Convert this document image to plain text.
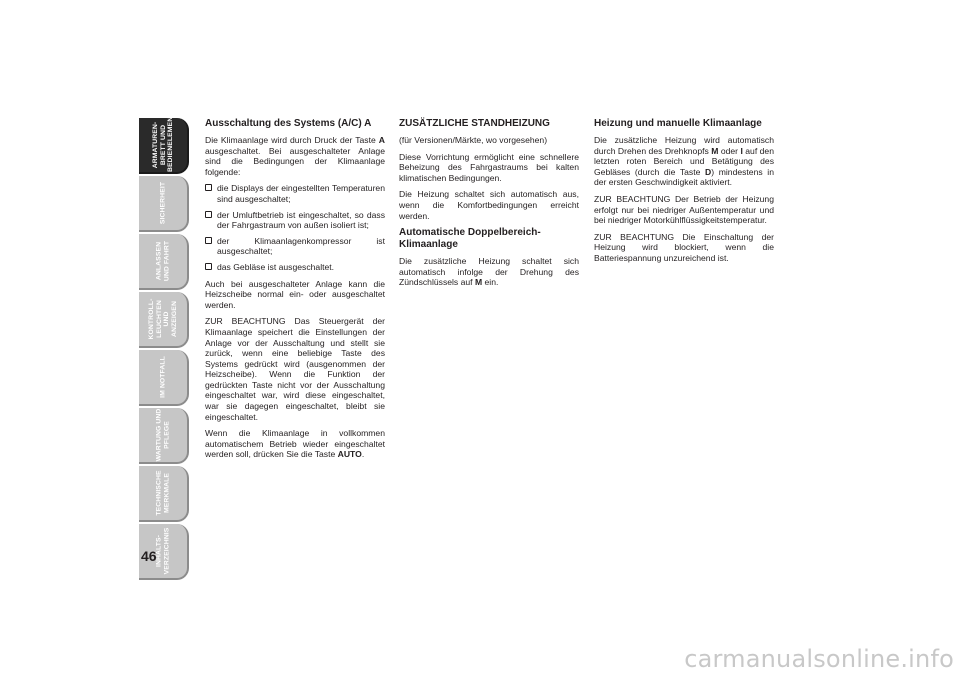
ARMATUREN-
BRETT UND
BEDIENELEMENTE
SICHERHEIT
ANLASSEN
UND FAHRT
KONTROLL-
LEUCHTEN UND
ANZEIGEN
IM NOTFALL
WARTUNG UND
PFLEGE
TECHNISCHE
MERKMALE
INHALTS-
VERZEICHNIS
46
Ausschaltung des Systems (A/C) A

Die Klimaanlage wird durch Druck der Taste A ausgeschaltet. Bei ausgeschalteter Anlage sind die Bedingungen der Klimaanlage folgende:

die Displays der eingestellten Temperaturen sind ausgeschaltet;
der Umluftbetrieb ist eingeschaltet, so dass der Fahrgastraum von außen isoliert ist;
der Klimaanlagenkompressor ist ausgeschaltet;
das Gebläse ist ausgeschaltet.

Auch bei ausgeschalteter Anlage kann die Heizscheibe normal ein- oder ausgeschaltet werden.

ZUR BEACHTUNG Das Steuergerät der Klimaanlage speichert die Einstellungen der Anlage vor der Ausschaltung und stellt sie zurück, wenn eine beliebige Taste des Systems gedrückt wird (ausgenommen der Heizscheibe). Wenn die Funktion der gedrückten Taste nicht vor der Ausschaltung eingeschaltet war, wird diese eingeschaltet, war sie dagegen eingeschaltet, bleibt sie eingeschaltet.

Wenn die Klimaanlage in vollkommen automatischem Betrieb wieder eingeschaltet werden soll, drücken Sie die Taste AUTO.

ZUSÄTZLICHE STANDHEIZUNG

(für Versionen/Märkte, wo vorgesehen)

Diese Vorrichtung ermöglicht eine schnellere Beheizung des Fahrgastraums bei kalten klimatischen Bedingungen.

Die Heizung schaltet sich automatisch aus, wenn die Komfortbedingungen erreicht werden.

Automatische Doppelbereich-Klimaanlage

Die zusätzliche Heizung schaltet sich automatisch infolge der Drehung des Zündschlüssels auf M ein.

Heizung und manuelle Klimaanlage

Die zusätzliche Heizung wird automatisch durch Drehen des Drehknopfs M oder I auf den letzten roten Bereich und Betätigung des Gebläses (durch die Taste D) mindestens in der ersten Geschwindigkeit aktiviert.

ZUR BEACHTUNG Der Betrieb der Heizung erfolgt nur bei niedriger Außentemperatur und bei niedriger Motorkühlflüssigkeitstemperatur.

ZUR BEACHTUNG Die Einschaltung der Heizung wird blockiert, wenn die Batteriespannung unzureichend ist.

carmanualsonline.info
